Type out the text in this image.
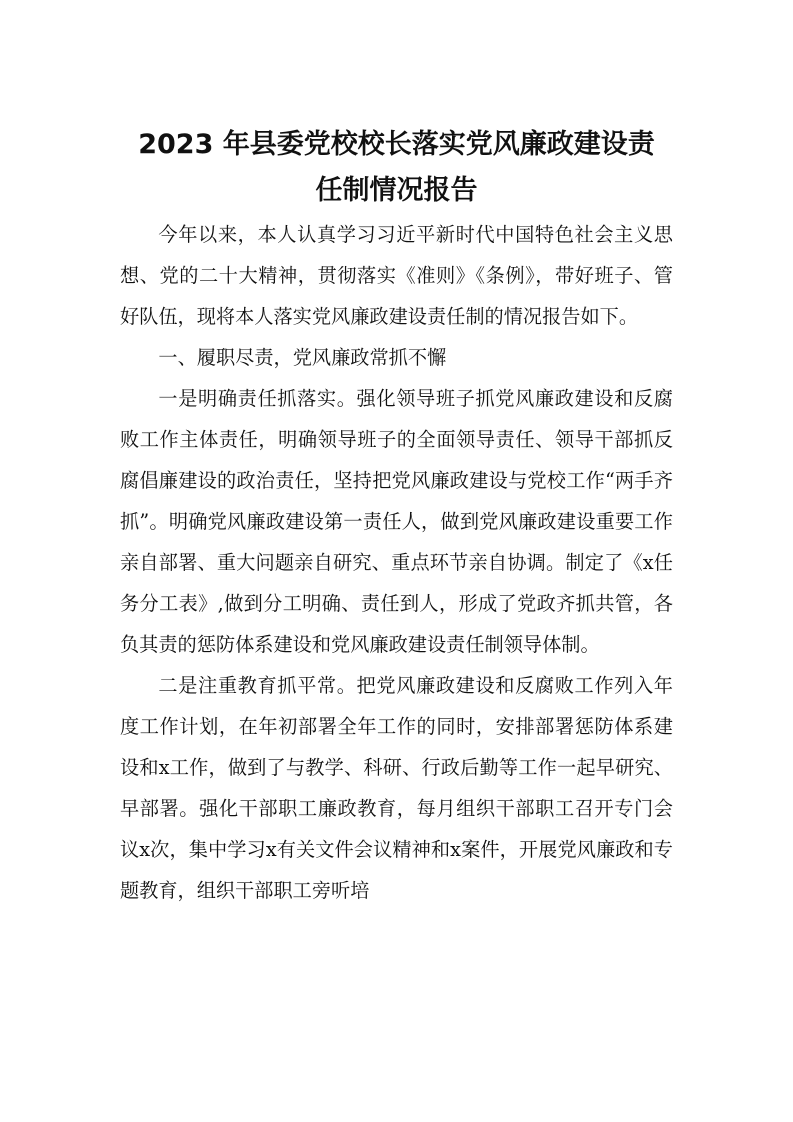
2023 年县委党校校长落实党风廉政建设责
任制情况报告

今年以来，本人认真学习习近平新时代中国特色社会主义思想、党的二十大精神，贯彻落实《准则》《条例》，带好班子、管好队伍，现将本人落实党风廉政建设责任制的情况报告如下。

一、履职尽责，党风廉政常抓不懈

一是明确责任抓落实。强化领导班子抓党风廉政建设和反腐败工作主体责任，明确领导班子的全面领导责任、领导干部抓反腐倡廉建设的政治责任，坚持把党风廉政建设与党校工作“两手齐抓”。明确党风廉政建设第一责任人，做到党风廉政建设重要工作亲自部署、重大问题亲自研究、重点环节亲自协调。制定了《x任务分工表》,做到分工明确、责任到人，形成了党政齐抓共管，各负其责的惩防体系建设和党风廉政建设责任制领导体制。

二是注重教育抓平常。把党风廉政建设和反腐败工作列入年度工作计划，在年初部署全年工作的同时，安排部署惩防体系建设和x工作，做到了与教学、科研、行政后勤等工作一起早研究、早部署。强化干部职工廉政教育，每月组织干部职工召开专门会议x次，集中学习x有关文件会议精神和x案件，开展党风廉政和专题教育，组织干部职工旁听培
